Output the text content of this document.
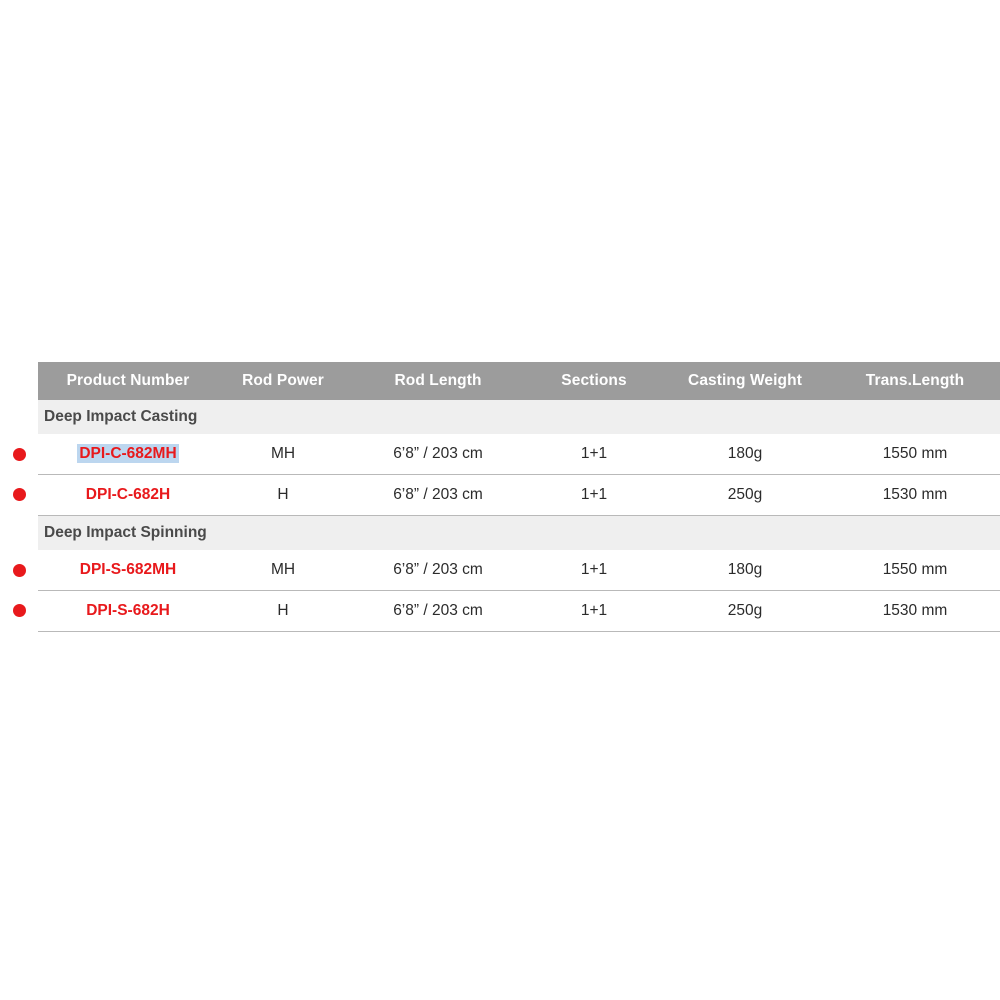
	Product Number	Rod Power	Rod Length	Sections	Casting Weight	Trans.Length
	Deep Impact Casting					
	DPI-C-682MH	MH	6’8” / 203 cm	1+1	180g	1550 mm
	DPI-C-682H	H	6’8” / 203 cm	1+1	250g	1530 mm
	Deep Impact Spinning					
	DPI-S-682MH	MH	6’8” / 203 cm	1+1	180g	1550 mm
	DPI-S-682H	H	6’8” / 203 cm	1+1	250g	1530 mm
